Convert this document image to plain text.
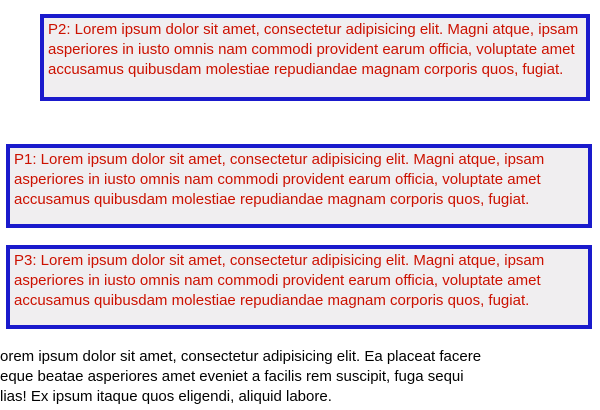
P2: Lorem ipsum dolor sit amet, consectetur adipisicing elit. Magni atque, ipsam asperiores in iusto omnis nam commodi provident earum officia, voluptate amet accusamus quibusdam molestiae repudiandae magnam corporis quos, fugiat.

P1: Lorem ipsum dolor sit amet, consectetur adipisicing elit. Magni atque, ipsam asperiores in iusto omnis nam commodi provident earum officia, voluptate amet accusamus quibusdam molestiae repudiandae magnam corporis quos, fugiat.

P3: Lorem ipsum dolor sit amet, consectetur adipisicing elit. Magni atque, ipsam asperiores in iusto omnis nam commodi provident earum officia, voluptate amet accusamus quibusdam molestiae repudiandae magnam corporis quos, fugiat.

orem ipsum dolor sit amet, consectetur adipisicing elit. Ea placeat facere
eque beatae asperiores amet eveniet a facilis rem suscipit, fuga sequi
lias! Ex ipsum itaque quos eligendi, aliquid labore.
